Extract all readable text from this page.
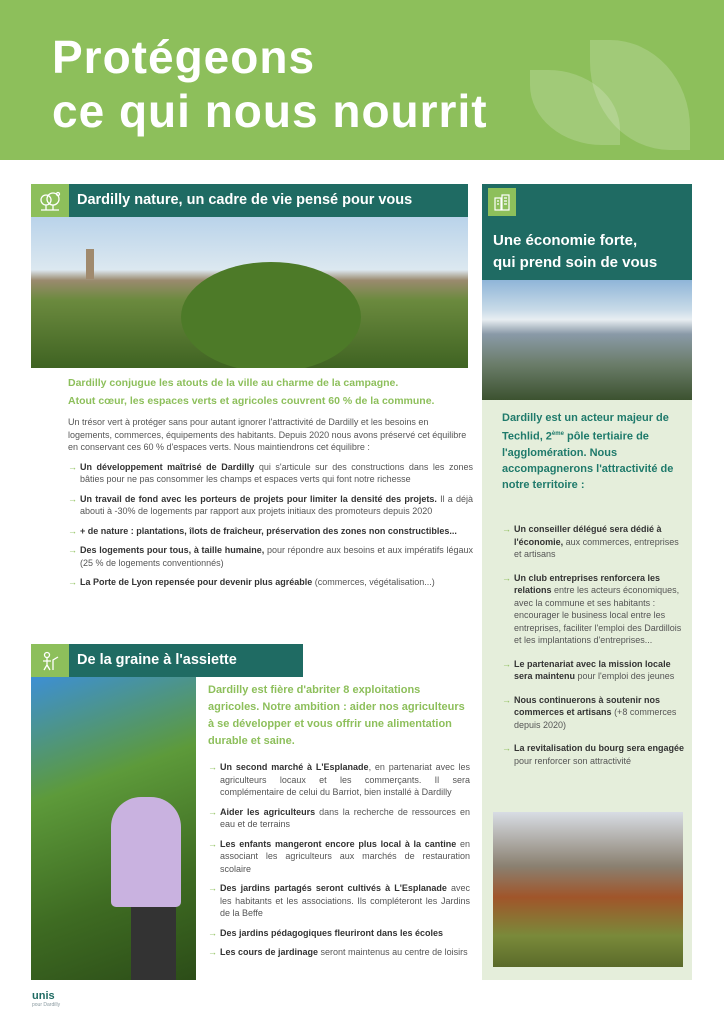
Protégeons
ce qui nous nourrit
Dardilly nature, un cadre de vie pensé pour vous
Dardilly conjugue les atouts de la ville au charme de la campagne.
Atout cœur, les espaces verts et agricoles couvrent 60 % de la commune.

Un trésor vert à protéger sans pour autant ignorer l'attractivité de Dardilly et les besoins en logements, commerces, équipements des habitants. Depuis 2020 nous avons préservé cet équilibre en conservant ces 60 % d'espaces verts. Nous maintiendrons cet équilibre :

→ Un développement maîtrisé de Dardilly qui s'articule sur des constructions dans les zones bâties pour ne pas consommer les champs et espaces verts qui font notre richesse
→ Un travail de fond avec les porteurs de projets pour limiter la densité des projets. Il a déjà abouti à -30% de logements par rapport aux projets initiaux des promoteurs depuis 2020
→ + de nature : plantations, îlots de fraîcheur, préservation des zones non constructibles...
→ Des logements pour tous, à taille humaine, pour répondre aux besoins et aux impératifs légaux (25 % de logements conventionnés)
→ La Porte de Lyon repensée pour devenir plus agréable (commerces, végétalisation...)
De la graine à l'assiette
Dardilly est fière d'abriter 8 exploitations agricoles. Notre ambition : aider nos agriculteurs à se développer et vous offrir une alimentation durable et saine.
→ Un second marché à L'Esplanade, en partenariat avec les agriculteurs locaux et les commerçants. Il sera complémentaire de celui du Barriot, bien installé à Dardilly
→ Aider les agriculteurs dans la recherche de ressources en eau et de terrains
→ Les enfants mangeront encore plus local à la cantine en associant les agriculteurs aux marchés de restauration scolaire
→ Des jardins partagés seront cultivés à L'Esplanade avec les habitants et les associations. Ils compléteront les Jardins de la Beffe
→ Des jardins pédagogiques fleuriront dans les écoles
→ Les cours de jardinage seront maintenus au centre de loisirs
Une économie forte,
qui prend soin de vous
Dardilly est un acteur majeur de Techlid, 2ème pôle tertiaire de l'agglomération. Nous accompagnerons l'attractivité de notre territoire :
→ Un conseiller délégué sera dédié à l'économie, aux commerces, entreprises et artisans
→ Un club entreprises renforcera les relations entre les acteurs économiques, avec la commune et ses habitants : encourager le business local entre les entreprises, faciliter l'emploi des Dardillois et les implantations d'entreprises...
→ Le partenariat avec la mission locale sera maintenu pour l'emploi des jeunes
→ Nous continuerons à soutenir nos commerces et artisans (+8 commerces depuis 2020)
→ La revitalisation du bourg sera engagée pour renforcer son attractivité
unis
pour Dardilly
